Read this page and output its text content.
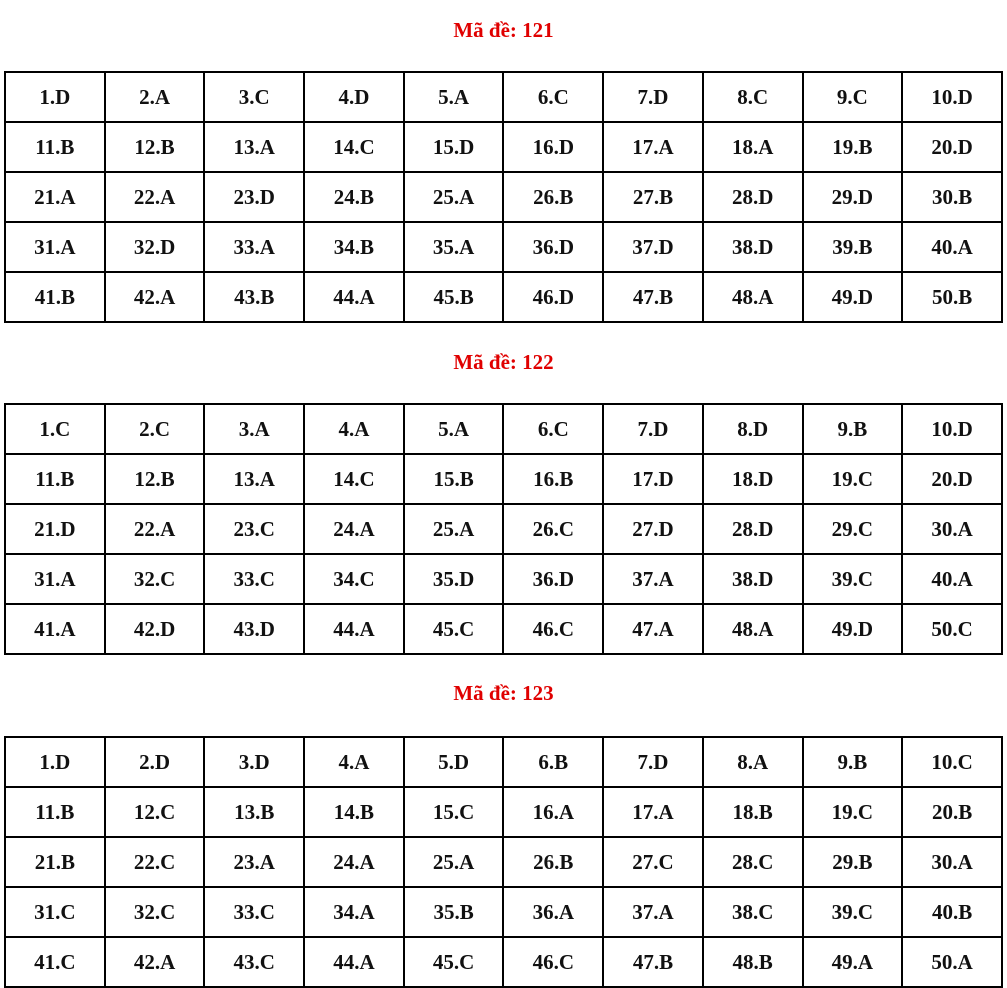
Mã đề: 121
1.D	2.A	3.C	4.D	5.A	6.C	7.D	8.C	9.C	10.D
11.B	12.B	13.A	14.C	15.D	16.D	17.A	18.A	19.B	20.D
21.A	22.A	23.D	24.B	25.A	26.B	27.B	28.D	29.D	30.B
31.A	32.D	33.A	34.B	35.A	36.D	37.D	38.D	39.B	40.A
41.B	42.A	43.B	44.A	45.B	46.D	47.B	48.A	49.D	50.B
Mã đề: 122
1.C	2.C	3.A	4.A	5.A	6.C	7.D	8.D	9.B	10.D
11.B	12.B	13.A	14.C	15.B	16.B	17.D	18.D	19.C	20.D
21.D	22.A	23.C	24.A	25.A	26.C	27.D	28.D	29.C	30.A
31.A	32.C	33.C	34.C	35.D	36.D	37.A	38.D	39.C	40.A
41.A	42.D	43.D	44.A	45.C	46.C	47.A	48.A	49.D	50.C
Mã đề: 123
1.D	2.D	3.D	4.A	5.D	6.B	7.D	8.A	9.B	10.C
11.B	12.C	13.B	14.B	15.C	16.A	17.A	18.B	19.C	20.B
21.B	22.C	23.A	24.A	25.A	26.B	27.C	28.C	29.B	30.A
31.C	32.C	33.C	34.A	35.B	36.A	37.A	38.C	39.C	40.B
41.C	42.A	43.C	44.A	45.C	46.C	47.B	48.B	49.A	50.A
